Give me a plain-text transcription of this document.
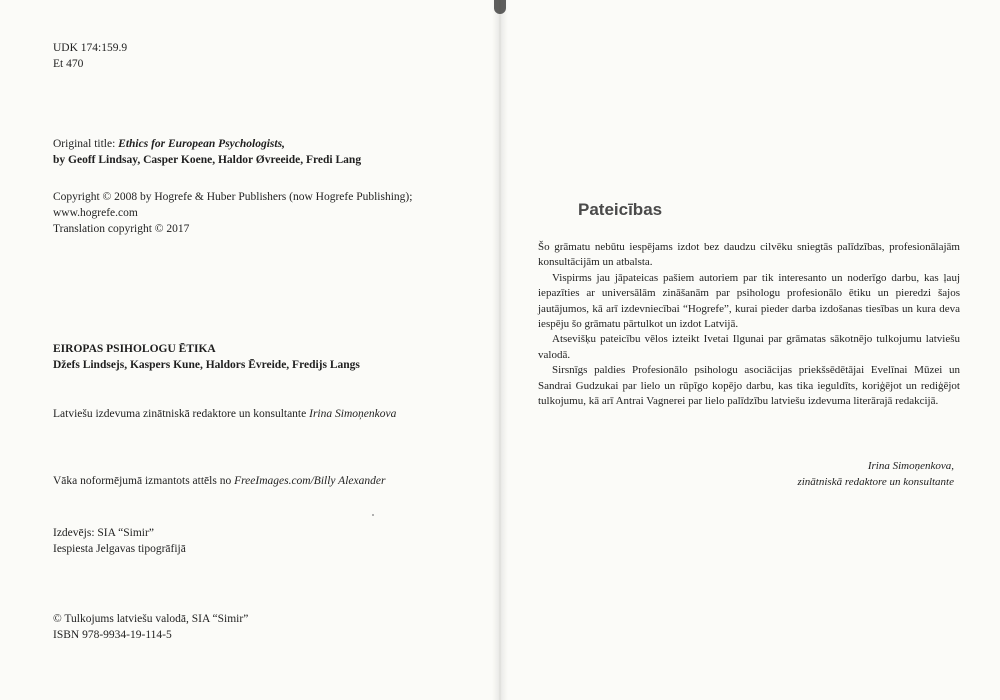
UDK 174:159.9

Et 470

Original title: Ethics for European Psychologists,

by Geoff Lindsay, Casper Koene, Haldor Øvreeide, Fredi Lang

Copyright © 2008 by Hogrefe & Huber Publishers (now Hogrefe Publishing);

www.hogrefe.com

Translation copyright © 2017

EIROPAS PSIHOLOGU ĒTIKA

Džefs Lindsejs, Kaspers Kune, Haldors Ēvreide, Fredijs Langs

Latviešu izdevuma zinātniskā redaktore un konsultante Irina Simoņenkova

Vāka noformējumā izmantots attēls no FreeImages.com/Billy Alexander

Izdevējs: SIA “Simir”

Iespiesta Jelgavas tipogrāfijā

© Tulkojums latviešu valodā, SIA “Simir”

ISBN 978-9934-19-114-5

Pateicības

Šo grāmatu nebūtu iespējams izdot bez daudzu cilvēku sniegtās palīdzības, profesionālajām konsultācijām un atbalsta.

Vispirms jau jāpateicas pašiem autoriem par tik interesanto un noderīgo darbu, kas ļauj iepazīties ar universālām zināšanām par psihologu profesionālo ētiku un pieredzi šajos jautājumos, kā arī izdevniecībai “Hogrefe”, kurai pieder darba izdošanas tiesības un kura deva iespēju šo grāmatu pārtulkot un izdot Latvijā.

Atsevišķu pateicību vēlos izteikt Ivetai Ilgunai par grāmatas sākotnējo tulkojumu latviešu valodā.

Sirsnīgs paldies Profesionālo psihologu asociācijas priekšsēdētājai Evelīnai Mūzei un Sandrai Gudzukai par lielo un rūpīgo kopējo darbu, kas tika ieguldīts, koriģējot un rediģējot tulkojumu, kā arī Antrai Vagnerei par lielo palīdzību latviešu izdevuma literārajā redakcijā.

Irina Simoņenkova,
zinātniskā redaktore un konsultante
